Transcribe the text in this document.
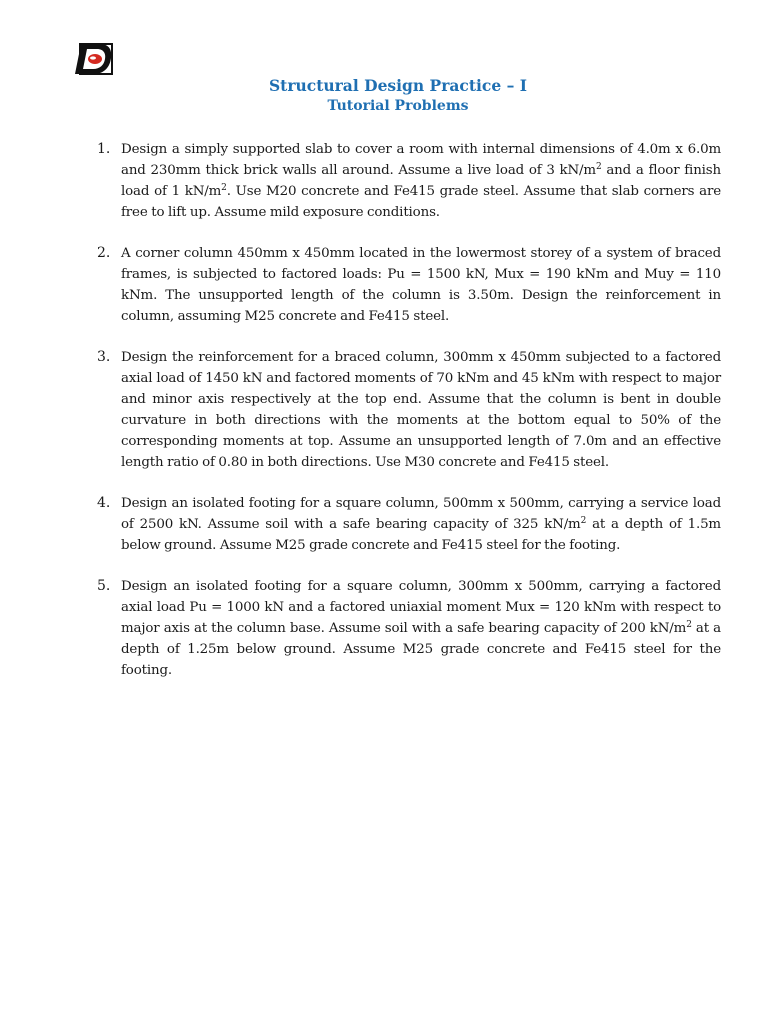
Structural Design Practice – I
Tutorial Problems
1. Design a simply supported slab to cover a room with internal dimensions of 4.0m x 6.0m and 230mm thick brick walls all around. Assume a live load of 3 $kN/m^2$ and a floor finish load of 1 $kN/m^2$. Use M20 concrete and Fe415 grade steel. Assume that slab corners are free to lift up. Assume mild exposure conditions.
2. A corner column 450mm x 450mm located in the lowermost storey of a system of braced frames, is subjected to factored loads: Pu = 1500 kN, Mux = 190 kNm and Muy = 110 kNm. The unsupported length of the column is 3.50m. Design the reinforcement in column, assuming M25 concrete and Fe415 steel.
3. Design the reinforcement for a braced column, 300mm x 450mm subjected to a factored axial load of 1450 kN and factored moments of 70 kNm and 45 kNm with respect to major and minor axis respectively at the top end. Assume that the column is bent in double curvature in both directions with the moments at the bottom equal to 50% of the corresponding moments at top. Assume an unsupported length of 7.0m and an effective length ratio of 0.80 in both directions. Use M30 concrete and Fe415 steel.
4. Design an isolated footing for a square column, 500mm x 500mm, carrying a service load of 2500 kN. Assume soil with a safe bearing capacity of 325 $kN/m^2$ at a depth of 1.5m below ground. Assume M25 grade concrete and Fe415 steel for the footing.
5. Design an isolated footing for a square column, 300mm x 500mm, carrying a factored axial load Pu = 1000 kN and a factored uniaxial moment Mux = 120 kNm with respect to major axis at the column base. Assume soil with a safe bearing capacity of 200 $kN/m^2$ at a depth of 1.25m below ground. Assume M25 grade concrete and Fe415 steel for the footing.
